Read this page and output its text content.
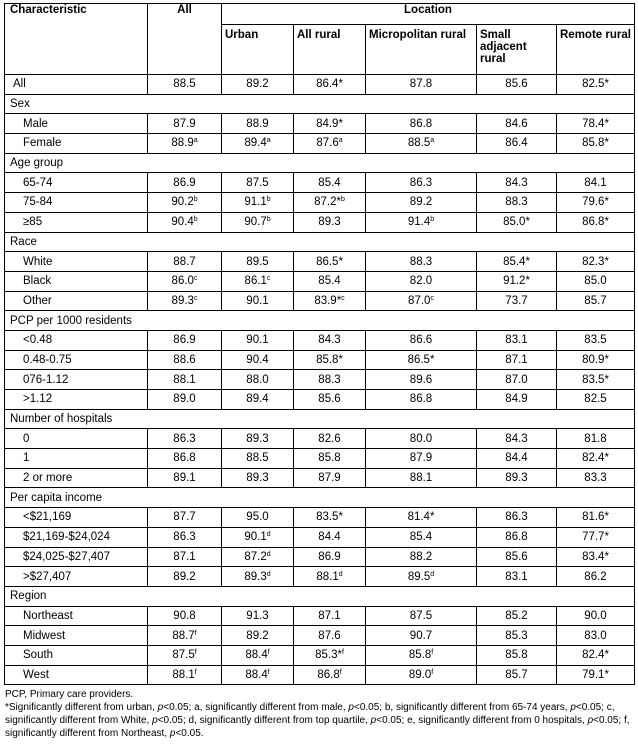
Characteristic	All	Location				
		Urban	All rural	Micropolitan rural	Small adjacent rural	Remote rural
All	88.5	89.2	86.4*	87.8	85.6	82.5*
Sex						
Male	87.9	88.9	84.9*	86.8	84.6	78.4*
Female	88.9$^a$	89.4$^a$	87.6$^a$	88.5$^a$	86.4	85.8*
Age group						
65-74	86.9	87.5	85.4	86.3	84.3	84.1
75-84	90.2$^b$	91.1$^b$	87.2*$^b$	89.2	88.3	79.6*
≥85	90.4$^b$	90.7$^b$	89.3	91.4$^b$	85.0*	86.8*
Race						
White	88.7	89.5	86.5*	88.3	85.4*	82.3*
Black	86.0$^c$	86.1$^c$	85.4	82.0	91.2*	85.0
Other	89.3$^c$	90.1	83.9*$^c$	87.0$^c$	73.7	85.7
PCP per 1000 residents						
<0.48	86.9	90.1	84.3	86.6	83.1	83.5
0.48-0.75	88.6	90.4	85.8*	86.5*	87.1	80.9*
076-1.12	88.1	88.0	88.3	89.6	87.0	83.5*
>1.12	89.0	89.4	85.6	86.8	84.9	82.5
Number of hospitals						
0	86.3	89.3	82.6	80.0	84.3	81.8
1	86.8	88.5	85.8	87.9	84.4	82.4*
2 or more	89.1	89.3	87.9	88.1	89.3	83.3
Per capita income						
<$21,169	87.7	95.0	83.5*	81.4*	86.3	81.6*
$21,169-$24,024	86.3	90.1$^d$	84.4	85.4	86.8	77.7*
$24,025-$27,407	87.1	87.2$^d$	86.9	88.2	85.6	83.4*
>$27,407	89.2	89.3$^d$	88.1$^d$	89.5$^d$	83.1	86.2
Region						
Northeast	90.8	91.3	87.1	87.5	85.2	90.0
Midwest	88.7$^f$	89.2	87.6	90.7	85.3	83.0
South	87.5$^f$	88.4$^f$	85.3*$^f$	85.8$^f$	85.8	82.4*
West	88.1$^f$	88.4$^f$	86.8$^f$	89.0$^f$	85.7	79.1*

PCP, Primary care providers.

*Significantly different from urban, p<0.05; a, significantly different from male, p<0.05; b, significantly different from 65-74 years, p<0.05; c, significantly different from White, p<0.05; d, significantly different from top quartile, p<0.05; e, significantly different from 0 hospitals, p<0.05; f, significantly different from Northeast, p<0.05.
